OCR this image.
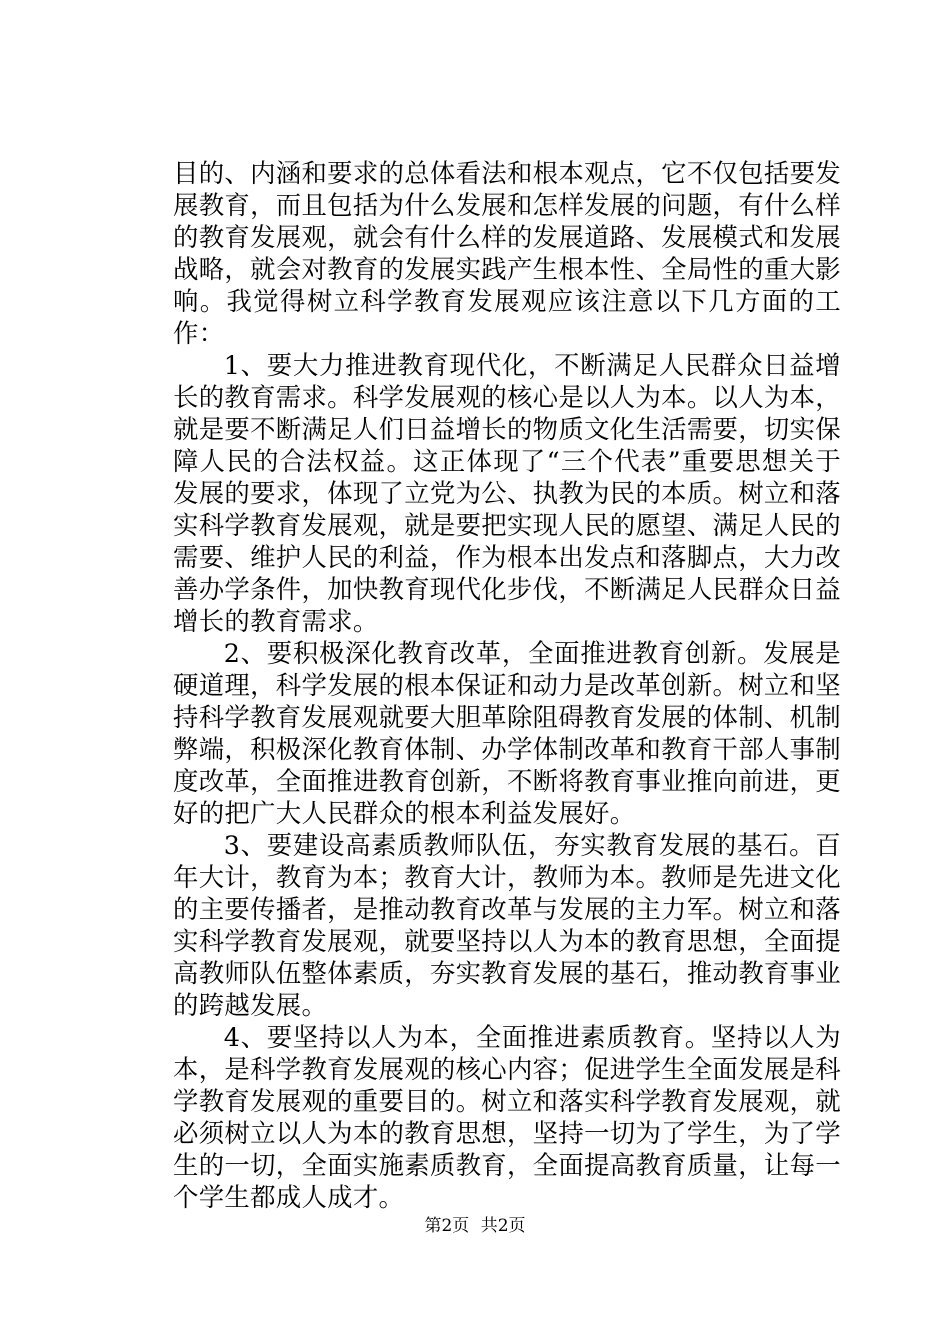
目的、内涵和要求的总体看法和根本观点，它不仅包括要发展教育，而且包括为什么发展和怎样发展的问题，有什么样的教育发展观，就会有什么样的发展道路、发展模式和发展战略，就会对教育的发展实践产生根本性、全局性的重大影响。我觉得树立科学教育发展观应该注意以下几方面的工作：

1、要大力推进教育现代化，不断满足人民群众日益增长的教育需求。科学发展观的核心是以人为本。以人为本，就是要不断满足人们日益增长的物质文化生活需要，切实保障人民的合法权益。这正体现了“三个代表”重要思想关于发展的要求，体现了立党为公、执教为民的本质。树立和落实科学教育发展观，就是要把实现人民的愿望、满足人民的需要、维护人民的利益，作为根本出发点和落脚点，大力改善办学条件，加快教育现代化步伐，不断满足人民群众日益增长的教育需求。

2、要积极深化教育改革，全面推进教育创新。发展是硬道理，科学发展的根本保证和动力是改革创新。树立和坚持科学教育发展观就要大胆革除阻碍教育发展的体制、机制弊端，积极深化教育体制、办学体制改革和教育干部人事制度改革，全面推进教育创新，不断将教育事业推向前进，更好的把广大人民群众的根本利益发展好。

3、要建设高素质教师队伍，夯实教育发展的基石。百年大计，教育为本；教育大计，教师为本。教师是先进文化的主要传播者，是推动教育改革与发展的主力军。树立和落实科学教育发展观，就要坚持以人为本的教育思想，全面提高教师队伍整体素质，夯实教育发展的基石，推动教育事业的跨越发展。

4、要坚持以人为本，全面推进素质教育。坚持以人为本，是科学教育发展观的核心内容；促进学生全面发展是科学教育发展观的重要目的。树立和落实科学教育发展观，就必须树立以人为本的教育思想，坚持一切为了学生，为了学生的一切，全面实施素质教育，全面提高教育质量，让每一个学生都成人成才。

第2页 共2页
